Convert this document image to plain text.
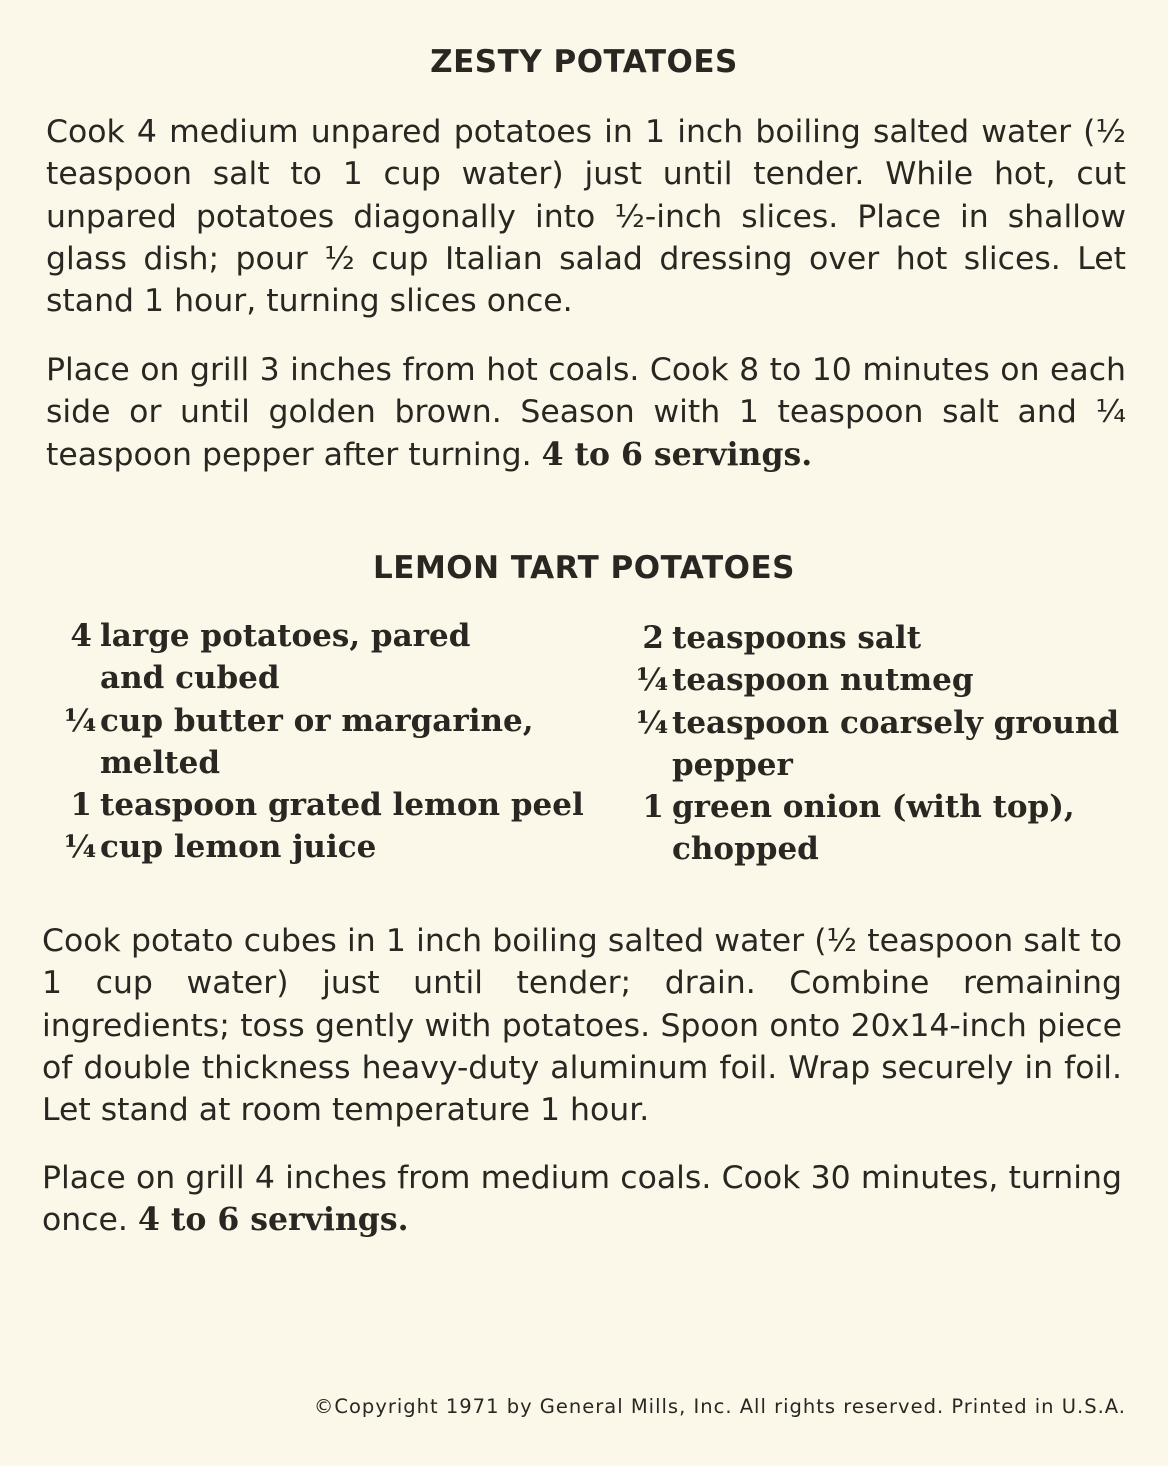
ZESTY POTATOES
Cook 4 medium unpared potatoes in 1 inch boiling salted water (½ teaspoon salt to 1 cup water) just until tender. While hot, cut unpared potatoes diagonally into ½-inch slices. Place in shallow glass dish; pour ½ cup Italian salad dressing over hot slices. Let stand 1 hour, turning slices once.
Place on grill 3 inches from hot coals. Cook 8 to 10 minutes on each side or until golden brown. Season with 1 teaspoon salt and ¼ teaspoon pepper after turning. 4 to 6 servings.
LEMON TART POTATOES
4 large potatoes, pared
and cubed
¼ cup butter or margarine,
melted
1 teaspoon grated lemon peel
¼ cup lemon juice
2 teaspoons salt
¼ teaspoon nutmeg
¼ teaspoon coarsely ground
pepper
1 green onion (with top),
chopped
Cook potato cubes in 1 inch boiling salted water (½ teaspoon salt to 1 cup water) just until tender; drain. Combine remaining ingredients; toss gently with potatoes. Spoon onto 20x14-inch piece of double thickness heavy-duty aluminum foil. Wrap securely in foil. Let stand at room temperature 1 hour.
Place on grill 4 inches from medium coals. Cook 30 minutes, turning once. 4 to 6 servings.
©Copyright 1971 by General Mills, Inc. All rights reserved. Printed in U.S.A.
